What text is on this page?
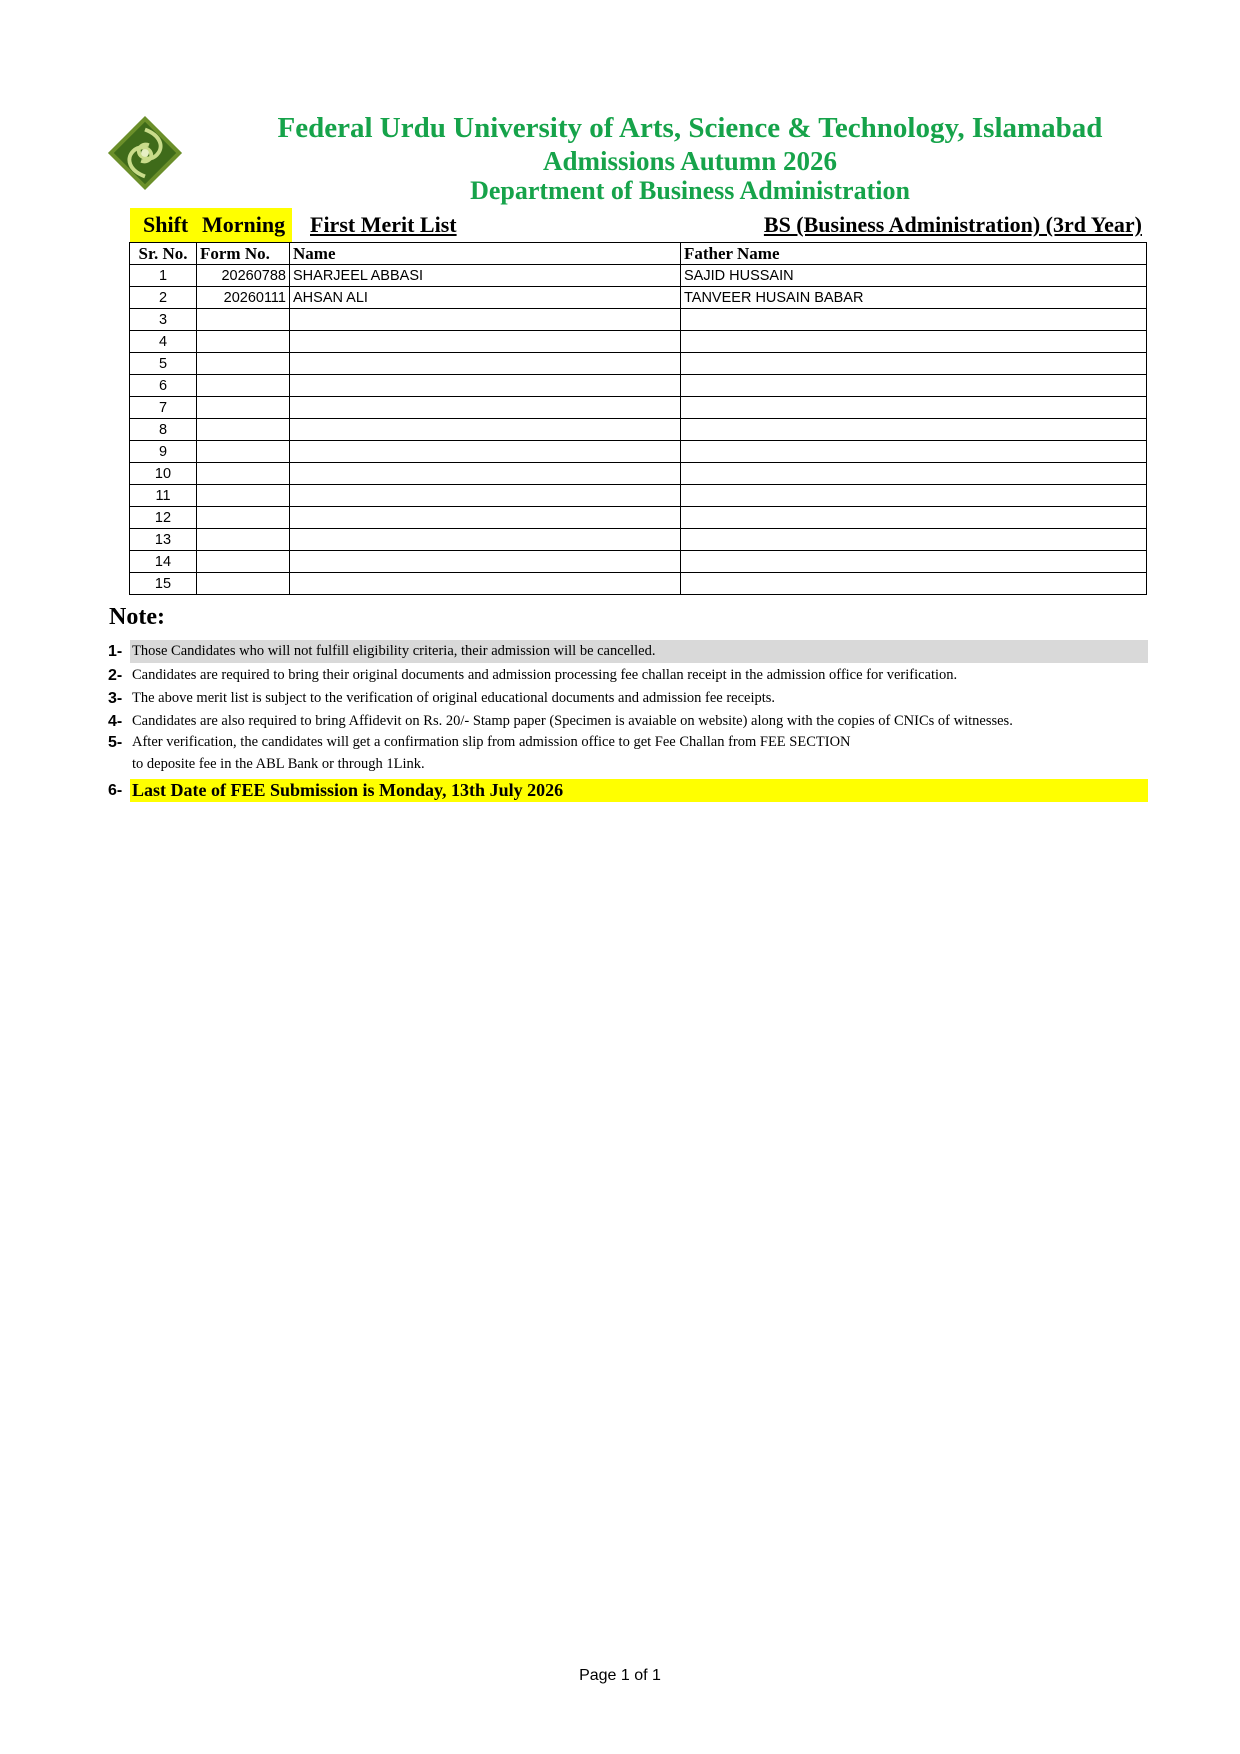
Federal Urdu University of Arts, Science & Technology, Islamabad
Admissions Autumn 2026
Department of Business Administration
Shift Morning First Merit List	BS (Business Administration) (3rd Year)
Sr. No.	Form No.	Name	Father Name
1	20260788	SHARJEEL ABBASI	SAJID HUSSAIN
2	20260111	AHSAN ALI	TANVEER HUSAIN BABAR
3			
4			
5			
6			
7			
8			
9			
10			
11			
12			
13			
14			
15			
Note:
1- Those Candidates who will not fulfill eligibility criteria, their admission will be cancelled.
2- Candidates are required to bring their original documents and admission processing fee challan receipt in the admission office for verification.
3- The above merit list is subject to the verification of original educational documents and admission fee receipts.
4- Candidates are also required to bring Affidevit on Rs. 20/- Stamp paper (Specimen is avaiable on website) along with the copies of CNICs of witnesses.
5- After verification, the candidates will get a confirmation slip from admission office to get Fee Challan from FEE SECTION
to deposite fee in the ABL Bank or through 1Link.
6- Last Date of FEE Submission is Monday, 13th July 2026
Page 1 of 1
